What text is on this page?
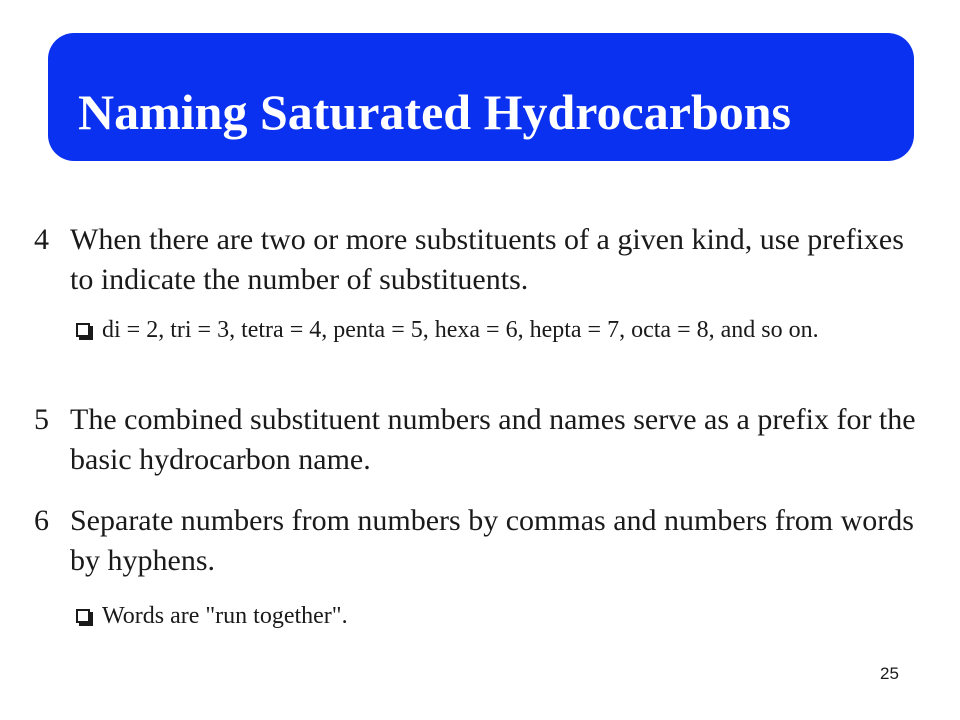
Naming Saturated Hydrocarbons
4 When there are two or more substituents of a given kind, use prefixes to indicate the number of substituents.
di = 2, tri = 3, tetra = 4, penta = 5, hexa = 6, hepta = 7, octa = 8, and so on.
5 The combined substituent numbers and names serve as a prefix for the basic hydrocarbon name.
6 Separate numbers from numbers by commas and numbers from words by hyphens.
Words are "run together".
25
